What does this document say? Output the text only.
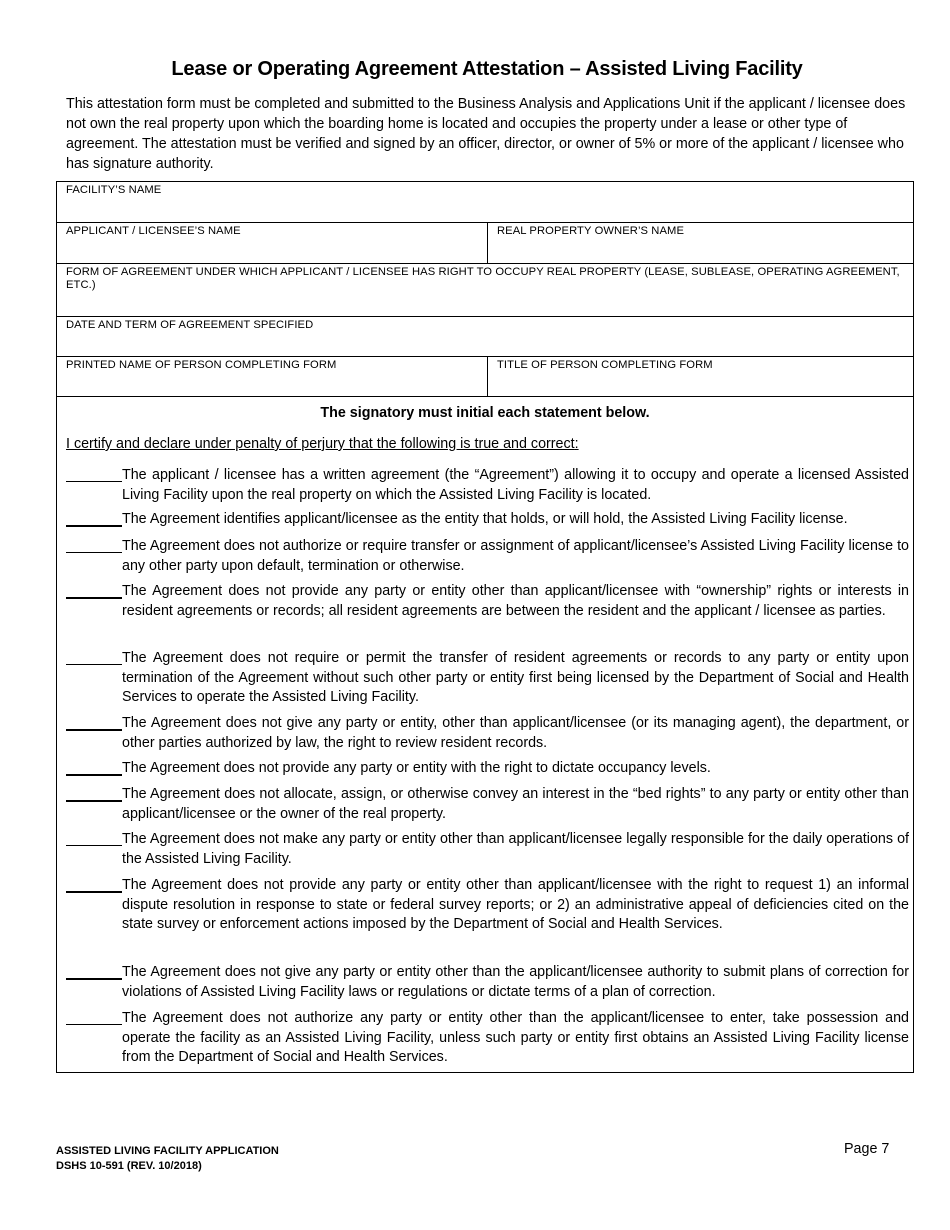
Lease or Operating Agreement Attestation – Assisted Living Facility
This attestation form must be completed and submitted to the Business Analysis and Applications Unit if the applicant / licensee does not own the real property upon which the boarding home is located and occupies the property under a lease or other type of agreement. The attestation must be verified and signed by an officer, director, or owner of 5% or more of the applicant / licensee who has signature authority.
FACILITY’S NAME
APPLICANT / LICENSEE’S NAME	REAL PROPERTY OWNER’S NAME
FORM OF AGREEMENT UNDER WHICH APPLICANT / LICENSEE HAS RIGHT TO OCCUPY REAL PROPERTY (LEASE, SUBLEASE, OPERATING AGREEMENT, ETC.)
DATE AND TERM OF AGREEMENT SPECIFIED
PRINTED NAME OF PERSON COMPLETING FORM	TITLE OF PERSON COMPLETING FORM
The signatory must initial each statement below.
I certify and declare under penalty of perjury that the following is true and correct:
The applicant / licensee has a written agreement (the “Agreement”) allowing it to occupy and operate a licensed Assisted Living Facility upon the real property on which the Assisted Living Facility is located.
The Agreement identifies applicant/licensee as the entity that holds, or will hold, the Assisted Living Facility license.
The Agreement does not authorize or require transfer or assignment of applicant/licensee’s Assisted Living Facility license to any other party upon default, termination or otherwise.
The Agreement does not provide any party or entity other than applicant/licensee with “ownership” rights or interests in resident agreements or records; all resident agreements are between the resident and the applicant / licensee as parties.
The Agreement does not require or permit the transfer of resident agreements or records to any party or entity upon termination of the Agreement without such other party or entity first being licensed by the Department of Social and Health Services to operate the Assisted Living Facility.
The Agreement does not give any party or entity, other than applicant/licensee (or its managing agent), the department, or other parties authorized by law, the right to review resident records.
The Agreement does not provide any party or entity with the right to dictate occupancy levels.
The Agreement does not allocate, assign, or otherwise convey an interest in the “bed rights” to any party or entity other than applicant/licensee or the owner of the real property.
The Agreement does not make any party or entity other than applicant/licensee legally responsible for the daily operations of the Assisted Living Facility.
The Agreement does not provide any party or entity other than applicant/licensee with the right to request 1) an informal dispute resolution in response to state or federal survey reports; or 2) an administrative appeal of deficiencies cited on the state survey or enforcement actions imposed by the Department of Social and Health Services.
The Agreement does not give any party or entity other than the applicant/licensee authority to submit plans of correction for violations of Assisted Living Facility laws or regulations or dictate terms of a plan of correction.
The Agreement does not authorize any party or entity other than the applicant/licensee to enter, take possession and operate the facility as an Assisted Living Facility, unless such party or entity first obtains an Assisted Living Facility license from the Department of Social and Health Services.
ASSISTED LIVING FACILITY APPLICATION
DSHS 10-591 (REV. 10/2018)
Page 7
